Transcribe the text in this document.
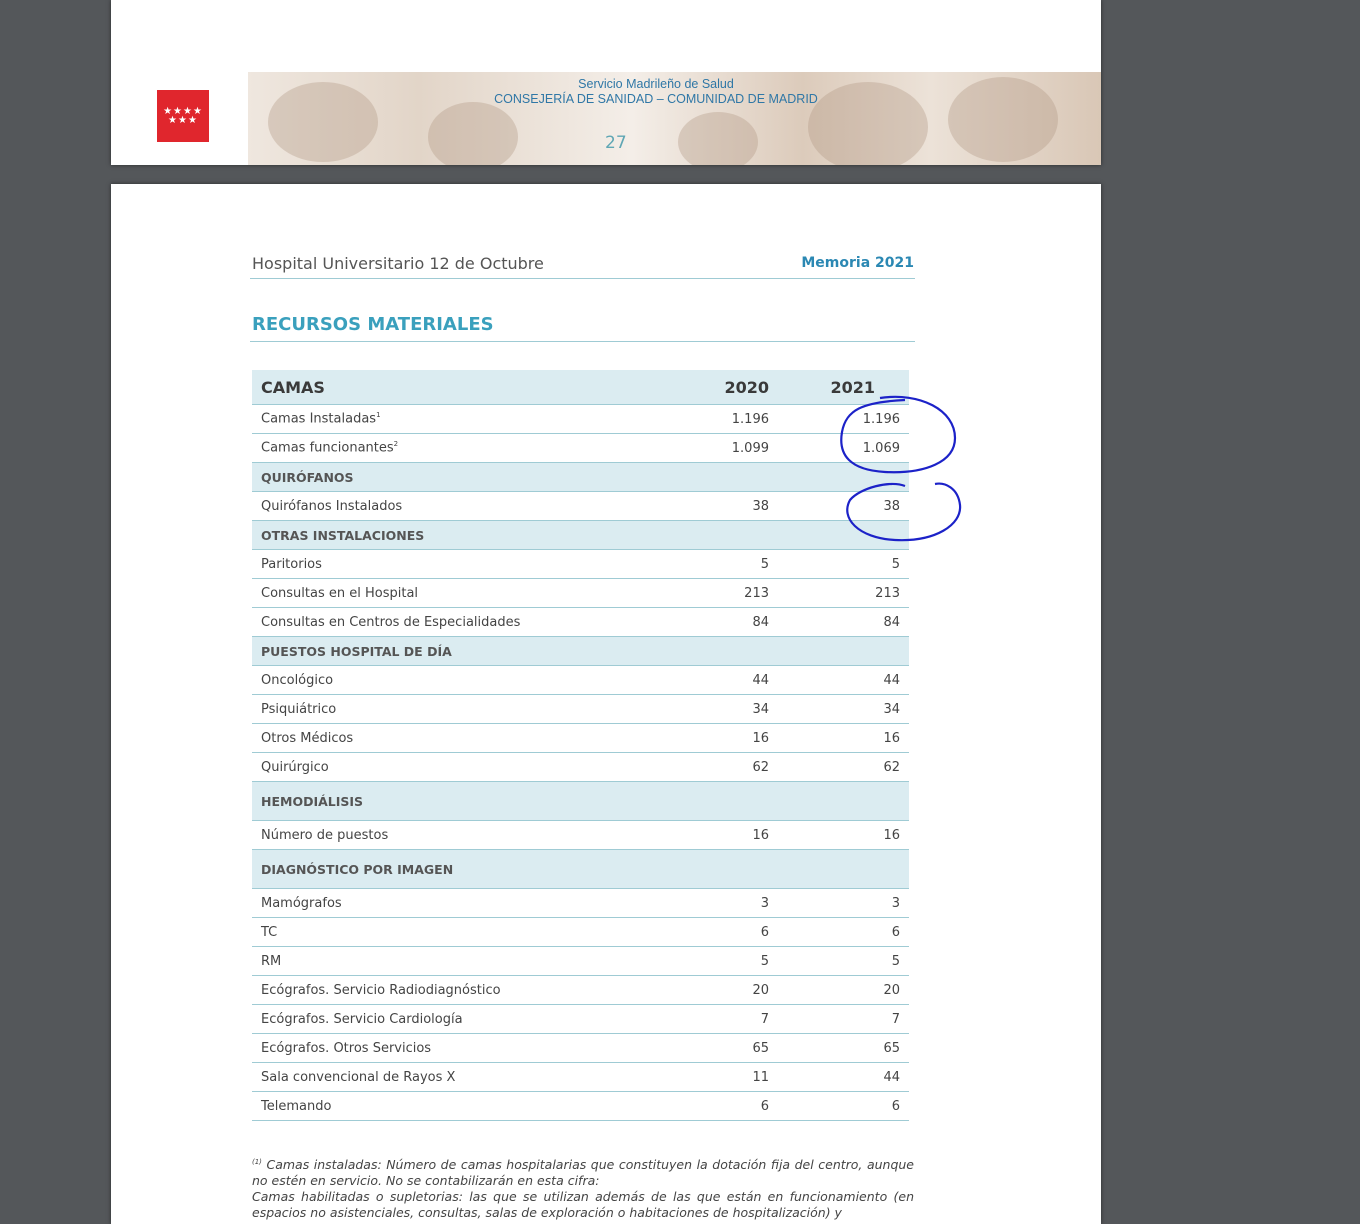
★★★★
★★★
Servicio Madrileño de Salud
CONSEJERÍA DE SANIDAD – COMUNIDAD DE MADRID
27
Hospital Universitario 12 de Octubre	Memoria 2021
RECURSOS MATERIALES
CAMAS	2020	2021
Camas Instaladas$^1$	1.196	1.196
Camas funcionantes$^2$	1.099	1.069
QUIRÓFANOS		
Quirófanos Instalados	38	38
OTRAS INSTALACIONES		
Paritorios	5	5
Consultas en el Hospital	213	213
Consultas en Centros de Especialidades	84	84
PUESTOS HOSPITAL DE DÍA		
Oncológico	44	44
Psiquiátrico	34	34
Otros Médicos	16	16
Quirúrgico	62	62
HEMODIÁLISIS		
Número de puestos	16	16
DIAGNÓSTICO POR IMAGEN		
Mamógrafos	3	3
TC	6	6
RM	5	5
Ecógrafos. Servicio Radiodiagnóstico	20	20
Ecógrafos. Servicio Cardiología	7	7
Ecógrafos. Otros Servicios	65	65
Sala convencional de Rayos X	11	44
Telemando	6	6
$^{(1)}$ Camas instaladas: Número de camas hospitalarias que constituyen la dotación fija del centro, aunque no estén en servicio. No se contabilizarán en esta cifra:
Camas habilitadas o supletorias: las que se utilizan además de las que están en funcionamiento (en espacios no asistenciales, consultas, salas de exploración o habitaciones de hospitalización) y
